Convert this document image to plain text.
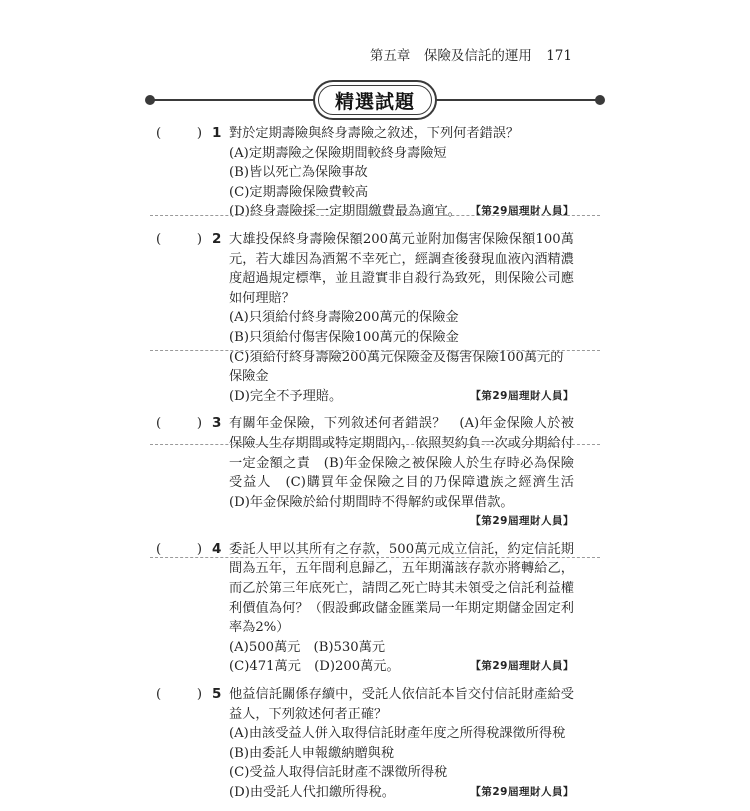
第五章　保險及信託的運用 171
精選試題
(	) 1 對於定期壽險與終身壽險之敘述，下列何者錯誤？
(A)定期壽險之保險期間較終身壽險短
(B)皆以死亡為保險事故
(C)定期壽險保險費較高
(D)終身壽險採一定期間繳費最為適宜。 【第29屆理財人員】
(	) 2 大雄投保終身壽險保額200萬元並附加傷害保險保額100萬元，若大雄因為酒駕不幸死亡，經調查後發現血液內酒精濃度超過規定標準，並且證實非自殺行為致死，則保險公司應如何理賠？
(A)只須給付終身壽險200萬元的保險金
(B)只須給付傷害保險100萬元的保險金
(C)須給付終身壽險200萬元保險金及傷害保險100萬元的保險金
(D)完全不予理賠。	【第29屆理財人員】
(	) 3 有關年金保險，下列敘述何者錯誤？　(A)年金保險人於被保險人生存期間或特定期間內，依照契約負一次或分期給付一定金額之責　(B)年金保險之被保險人於生存時必為保險受益人　(C)購買年金保險之目的乃保障遺族之經濟生活　(D)年金保險於給付期間時不得解約或保單借款。
【第29屆理財人員】
(	) 4 委託人甲以其所有之存款，500萬元成立信託，約定信託期間為五年，五年間利息歸乙，五年期滿該存款亦將轉給乙，而乙於第三年底死亡，請問乙死亡時其未領受之信託利益權利價值為何？（假設郵政儲金匯業局一年期定期儲金固定利率為2%）
(A)500萬元　(B)530萬元
(C)471萬元　(D)200萬元。	【第29屆理財人員】
(	) 5 他益信託關係存續中，受託人依信託本旨交付信託財產給受益人，下列敘述何者正確？
(A)由該受益人併入取得信託財產年度之所得稅課徵所得稅
(B)由委託人申報繳納贈與稅
(C)受益人取得信託財產不課徵所得稅
(D)由受託人代扣繳所得稅。	【第29屆理財人員】
